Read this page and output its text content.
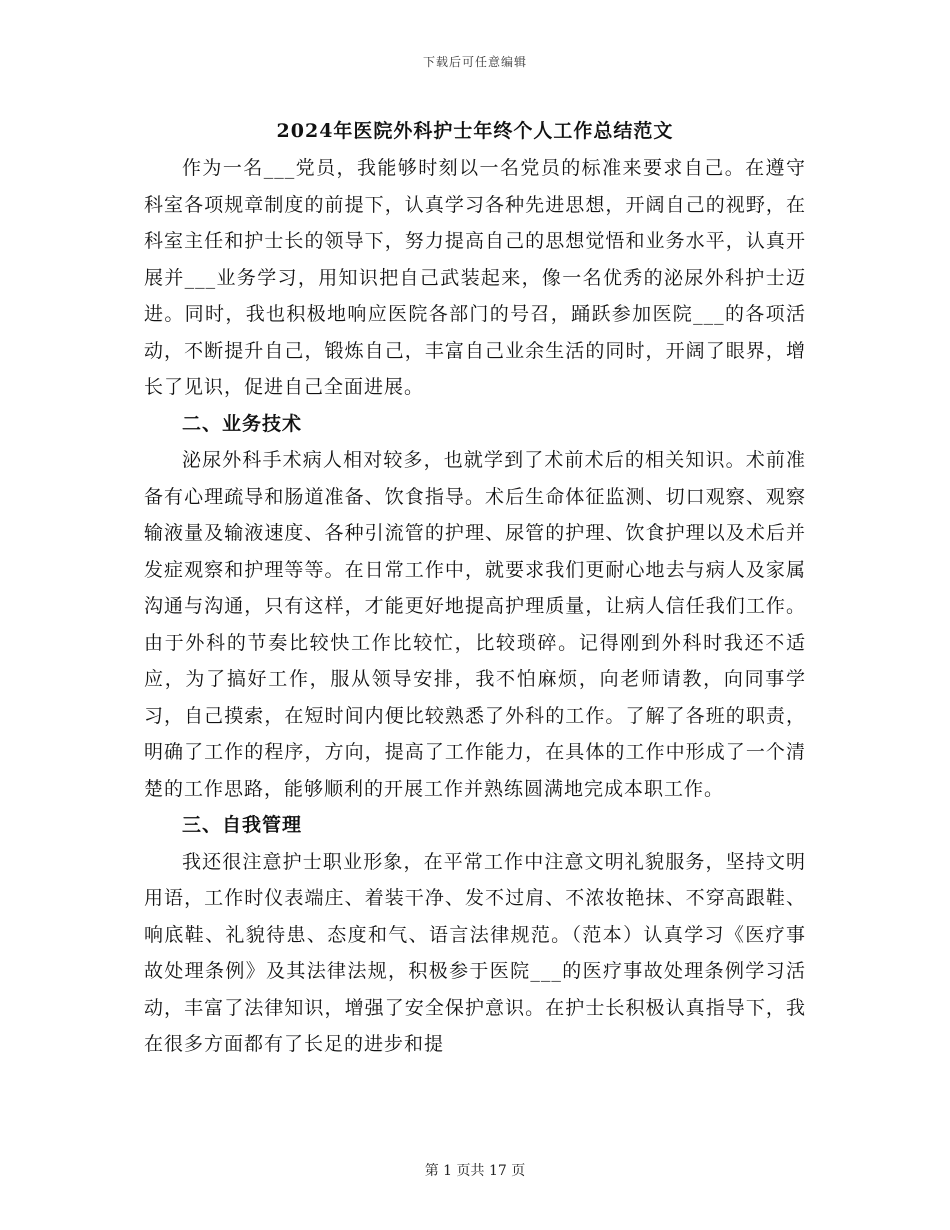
下载后可任意编辑
2024年医院外科护士年终个人工作总结范文

作为一名___党员，我能够时刻以一名党员的标准来要求自己。在遵守科室各项规章制度的前提下，认真学习各种先进思想，开阔自己的视野，在科室主任和护士长的领导下，努力提高自己的思想觉悟和业务水平，认真开展并___业务学习，用知识把自己武装起来，像一名优秀的泌尿外科护士迈进。同时，我也积极地响应医院各部门的号召，踊跃参加医院___的各项活动，不断提升自己，锻炼自己，丰富自己业余生活的同时，开阔了眼界，增长了见识，促进自己全面进展。

二、业务技术

泌尿外科手术病人相对较多，也就学到了术前术后的相关知识。术前准备有心理疏导和肠道准备、饮食指导。术后生命体征监测、切口观察、观察输液量及输液速度、各种引流管的护理、尿管的护理、饮食护理以及术后并发症观察和护理等等。在日常工作中，就要求我们更耐心地去与病人及家属沟通与沟通，只有这样，才能更好地提高护理质量，让病人信任我们工作。由于外科的节奏比较快工作比较忙，比较琐碎。记得刚到外科时我还不适应，为了搞好工作，服从领导安排，我不怕麻烦，向老师请教，向同事学习，自己摸索，在短时间内便比较熟悉了外科的工作。了解了各班的职责，明确了工作的程序，方向，提高了工作能力，在具体的工作中形成了一个清楚的工作思路，能够顺利的开展工作并熟练圆满地完成本职工作。

三、自我管理

我还很注意护士职业形象，在平常工作中注意文明礼貌服务，坚持文明用语，工作时仪表端庄、着装干净、发不过肩、不浓妆艳抹、不穿高跟鞋、响底鞋、礼貌待患、态度和气、语言法律规范。（范本）认真学习《医疗事故处理条例》及其法律法规，积极参于医院___的医疗事故处理条例学习活动，丰富了法律知识，增强了安全保护意识。在护士长积极认真指导下，我在很多方面都有了长足的进步和提

第 1 页共 17 页
